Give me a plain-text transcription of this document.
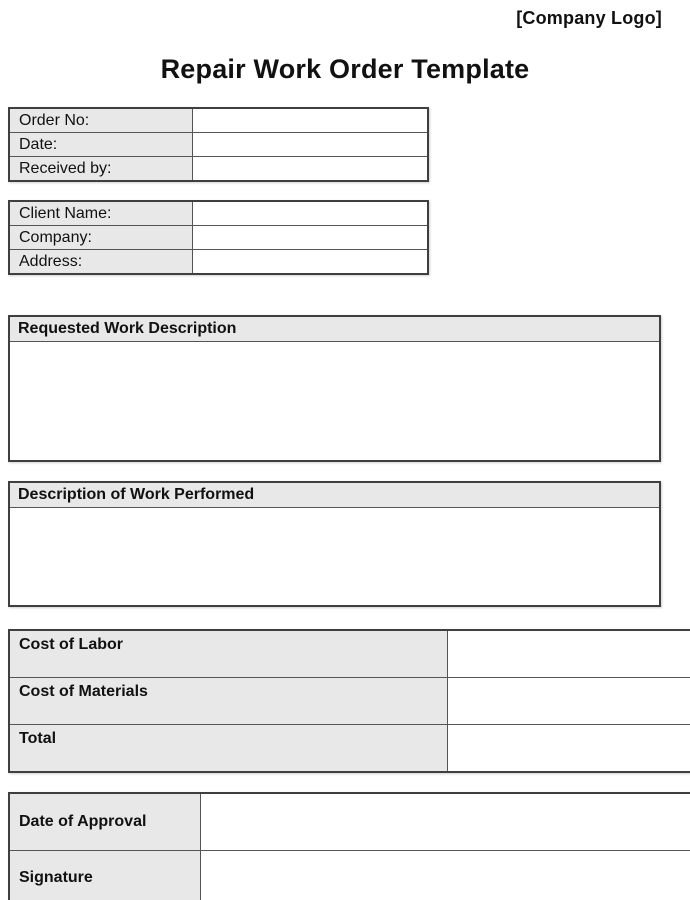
[Company Logo]
Repair Work Order Template
Order No:	
Date:	
Received by:	
Client Name:	
Company:	
Address:	
Requested Work Description
Description of Work Performed
Cost of Labor	
Cost of Materials	
Total	
Date of Approval	
Signature	
